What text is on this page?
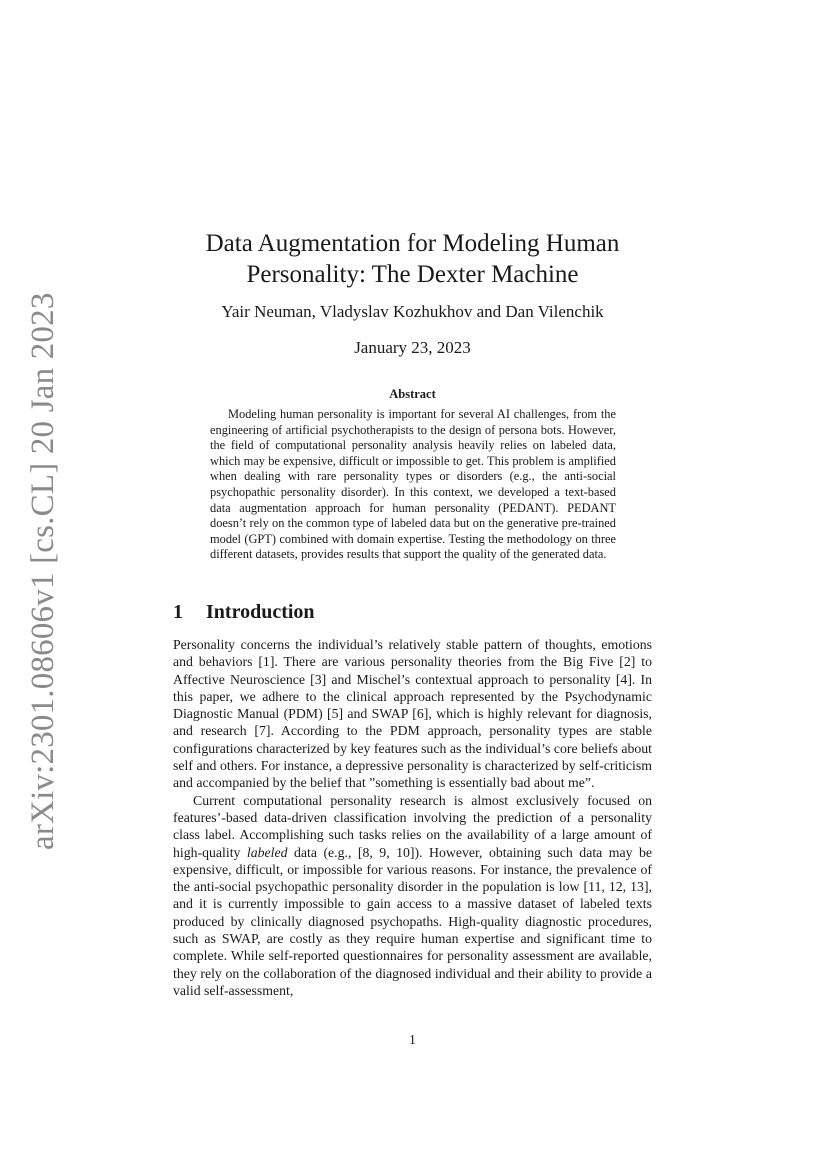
arXiv:2301.08606v1 [cs.CL] 20 Jan 2023
Data Augmentation for Modeling Human Personality: The Dexter Machine
Yair Neuman, Vladyslav Kozhukhov and Dan Vilenchik
January 23, 2023
Abstract

Modeling human personality is important for several AI challenges, from the engineering of artificial psychotherapists to the design of persona bots. However, the field of computational personality analysis heavily relies on labeled data, which may be expensive, difficult or impossible to get. This problem is amplified when dealing with rare personality types or disorders (e.g., the anti-social psychopathic personality disorder). In this context, we developed a text-based data augmentation approach for human personality (PEDANT). PEDANT doesn’t rely on the common type of labeled data but on the generative pre-trained model (GPT) combined with domain expertise. Testing the methodology on three different datasets, provides results that support the quality of the generated data.

1 Introduction

Personality concerns the individual’s relatively stable pattern of thoughts, emotions and behaviors [1]. There are various personality theories from the Big Five [2] to Affective Neuroscience [3] and Mischel’s contextual approach to personality [4]. In this paper, we adhere to the clinical approach represented by the Psychodynamic Diagnostic Manual (PDM) [5] and SWAP [6], which is highly relevant for diagnosis, and research [7]. According to the PDM approach, personality types are stable configurations characterized by key features such as the individual’s core beliefs about self and others. For instance, a depressive personality is characterized by self-criticism and accompanied by the belief that ”something is essentially bad about me”.

Current computational personality research is almost exclusively focused on features’-based data-driven classification involving the prediction of a personality class label. Accomplishing such tasks relies on the availability of a large amount of high-quality labeled data (e.g., [8, 9, 10]). However, obtaining such data may be expensive, difficult, or impossible for various reasons. For instance, the prevalence of the anti-social psychopathic personality disorder in the population is low [11, 12, 13], and it is currently impossible to gain access to a massive dataset of labeled texts produced by clinically diagnosed psychopaths. High-quality diagnostic procedures, such as SWAP, are costly as they require human expertise and significant time to complete. While self-reported questionnaires for personality assessment are available, they rely on the collaboration of the diagnosed individual and their ability to provide a valid self-assessment,

1
